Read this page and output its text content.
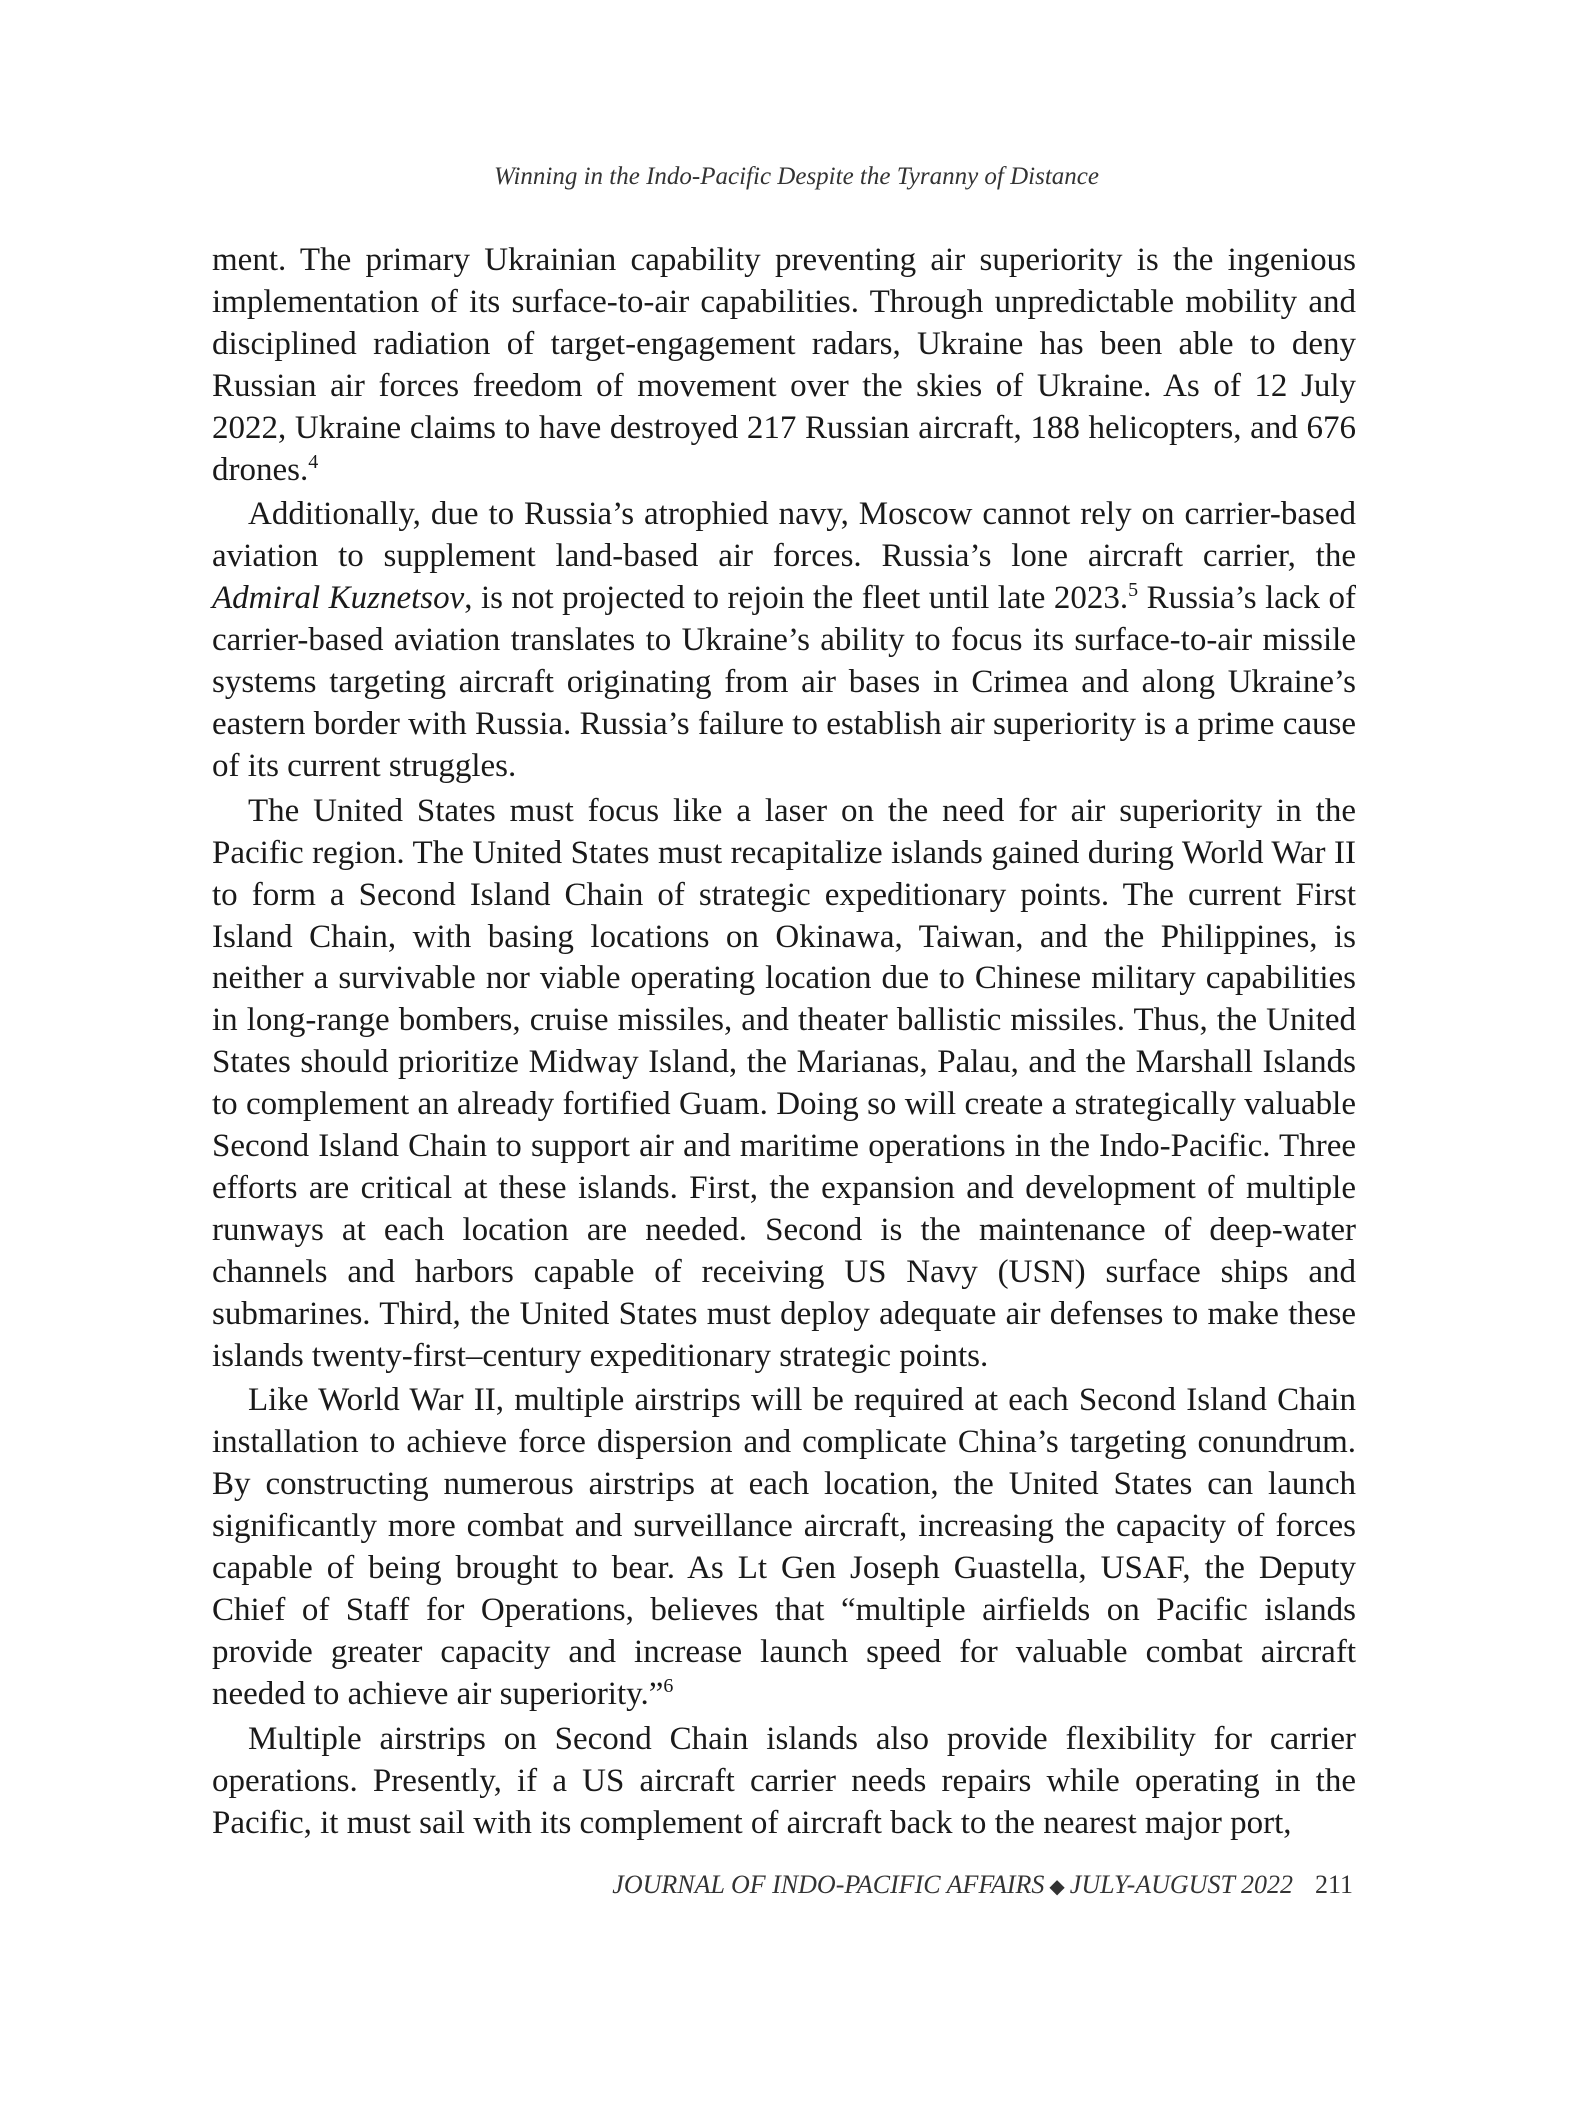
Winning in the Indo-Pacific Despite the Tyranny of Distance

ment. The primary Ukrainian capability preventing air superiority is the ingenious implementation of its surface-to-air capabilities. Through unpredictable mobility and disciplined radiation of target-engagement radars, Ukraine has been able to deny Russian air forces freedom of movement over the skies of Ukraine. As of 12 July 2022, Ukraine claims to have destroyed 217 Russian aircraft, 188 helicopters, and 676 drones.$^4$

Additionally, due to Russia’s atrophied navy, Moscow cannot rely on carrier-based aviation to supplement land-based air forces. Russia’s lone aircraft carrier, the Admiral Kuznetsov, is not projected to rejoin the fleet until late 2023.$^5$ Russia’s lack of carrier-based aviation translates to Ukraine’s ability to focus its surface-to-air missile systems targeting aircraft originating from air bases in Crimea and along Ukraine’s eastern border with Russia. Russia’s failure to establish air superiority is a prime cause of its current struggles.

The United States must focus like a laser on the need for air superiority in the Pacific region. The United States must recapitalize islands gained during World War II to form a Second Island Chain of strategic expeditionary points. The current First Island Chain, with basing locations on Okinawa, Taiwan, and the Philippines, is neither a survivable nor viable operating location due to Chinese military capabilities in long-range bombers, cruise missiles, and theater ballistic missiles. Thus, the United States should prioritize Midway Island, the Marianas, Palau, and the Marshall Islands to complement an already fortified Guam. Doing so will create a strategically valuable Second Island Chain to support air and maritime operations in the Indo-Pacific. Three efforts are critical at these islands. First, the expansion and development of multiple runways at each location are needed. Second is the maintenance of deep-water channels and harbors capable of receiving US Navy (USN) surface ships and submarines. Third, the United States must deploy adequate air defenses to make these islands twenty-first–century expeditionary strategic points.

Like World War II, multiple airstrips will be required at each Second Island Chain installation to achieve force dispersion and complicate China’s targeting conundrum. By constructing numerous airstrips at each location, the United States can launch significantly more combat and surveillance aircraft, increasing the capacity of forces capable of being brought to bear. As Lt Gen Joseph Guastella, USAF, the Deputy Chief of Staff for Operations, believes that “multiple airfields on Pacific islands provide greater capacity and increase launch speed for valuable combat aircraft needed to achieve air superiority.”$^6$

Multiple airstrips on Second Chain islands also provide flexibility for carrier operations. Presently, if a US aircraft carrier needs repairs while operating in the Pacific, it must sail with its complement of aircraft back to the nearest major port,

JOURNAL OF INDO-PACIFIC AFFAIRS ◆ JULY-AUGUST 2022 211
